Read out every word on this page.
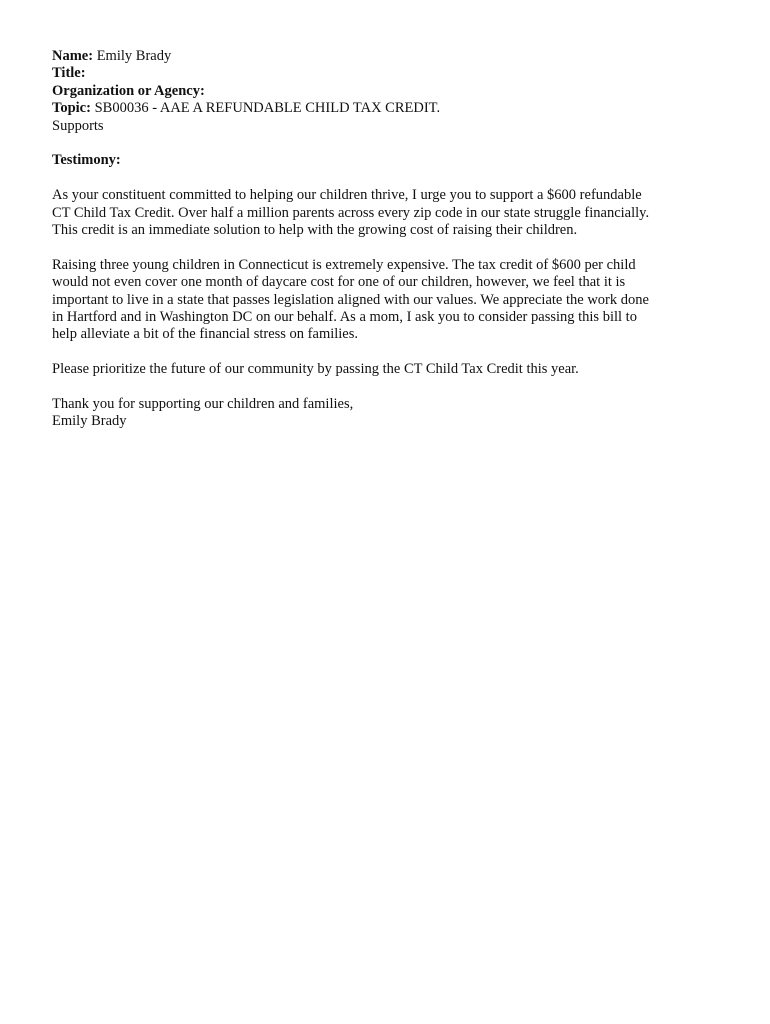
Name: Emily Brady
Title:
Organization or Agency:
Topic: SB00036 - AAE A REFUNDABLE CHILD TAX CREDIT.
Supports
Testimony:
As your constituent committed to helping our children thrive, I urge you to support a $600 refundable
CT Child Tax Credit. Over half a million parents across every zip code in our state struggle financially.
This credit is an immediate solution to help with the growing cost of raising their children.
Raising three young children in Connecticut is extremely expensive. The tax credit of $600 per child
would not even cover one month of daycare cost for one of our children, however, we feel that it is
important to live in a state that passes legislation aligned with our values. We appreciate the work done
in Hartford and in Washington DC on our behalf. As a mom, I ask you to consider passing this bill to
help alleviate a bit of the financial stress on families.
Please prioritize the future of our community by passing the CT Child Tax Credit this year.
Thank you for supporting our children and families,
Emily Brady
